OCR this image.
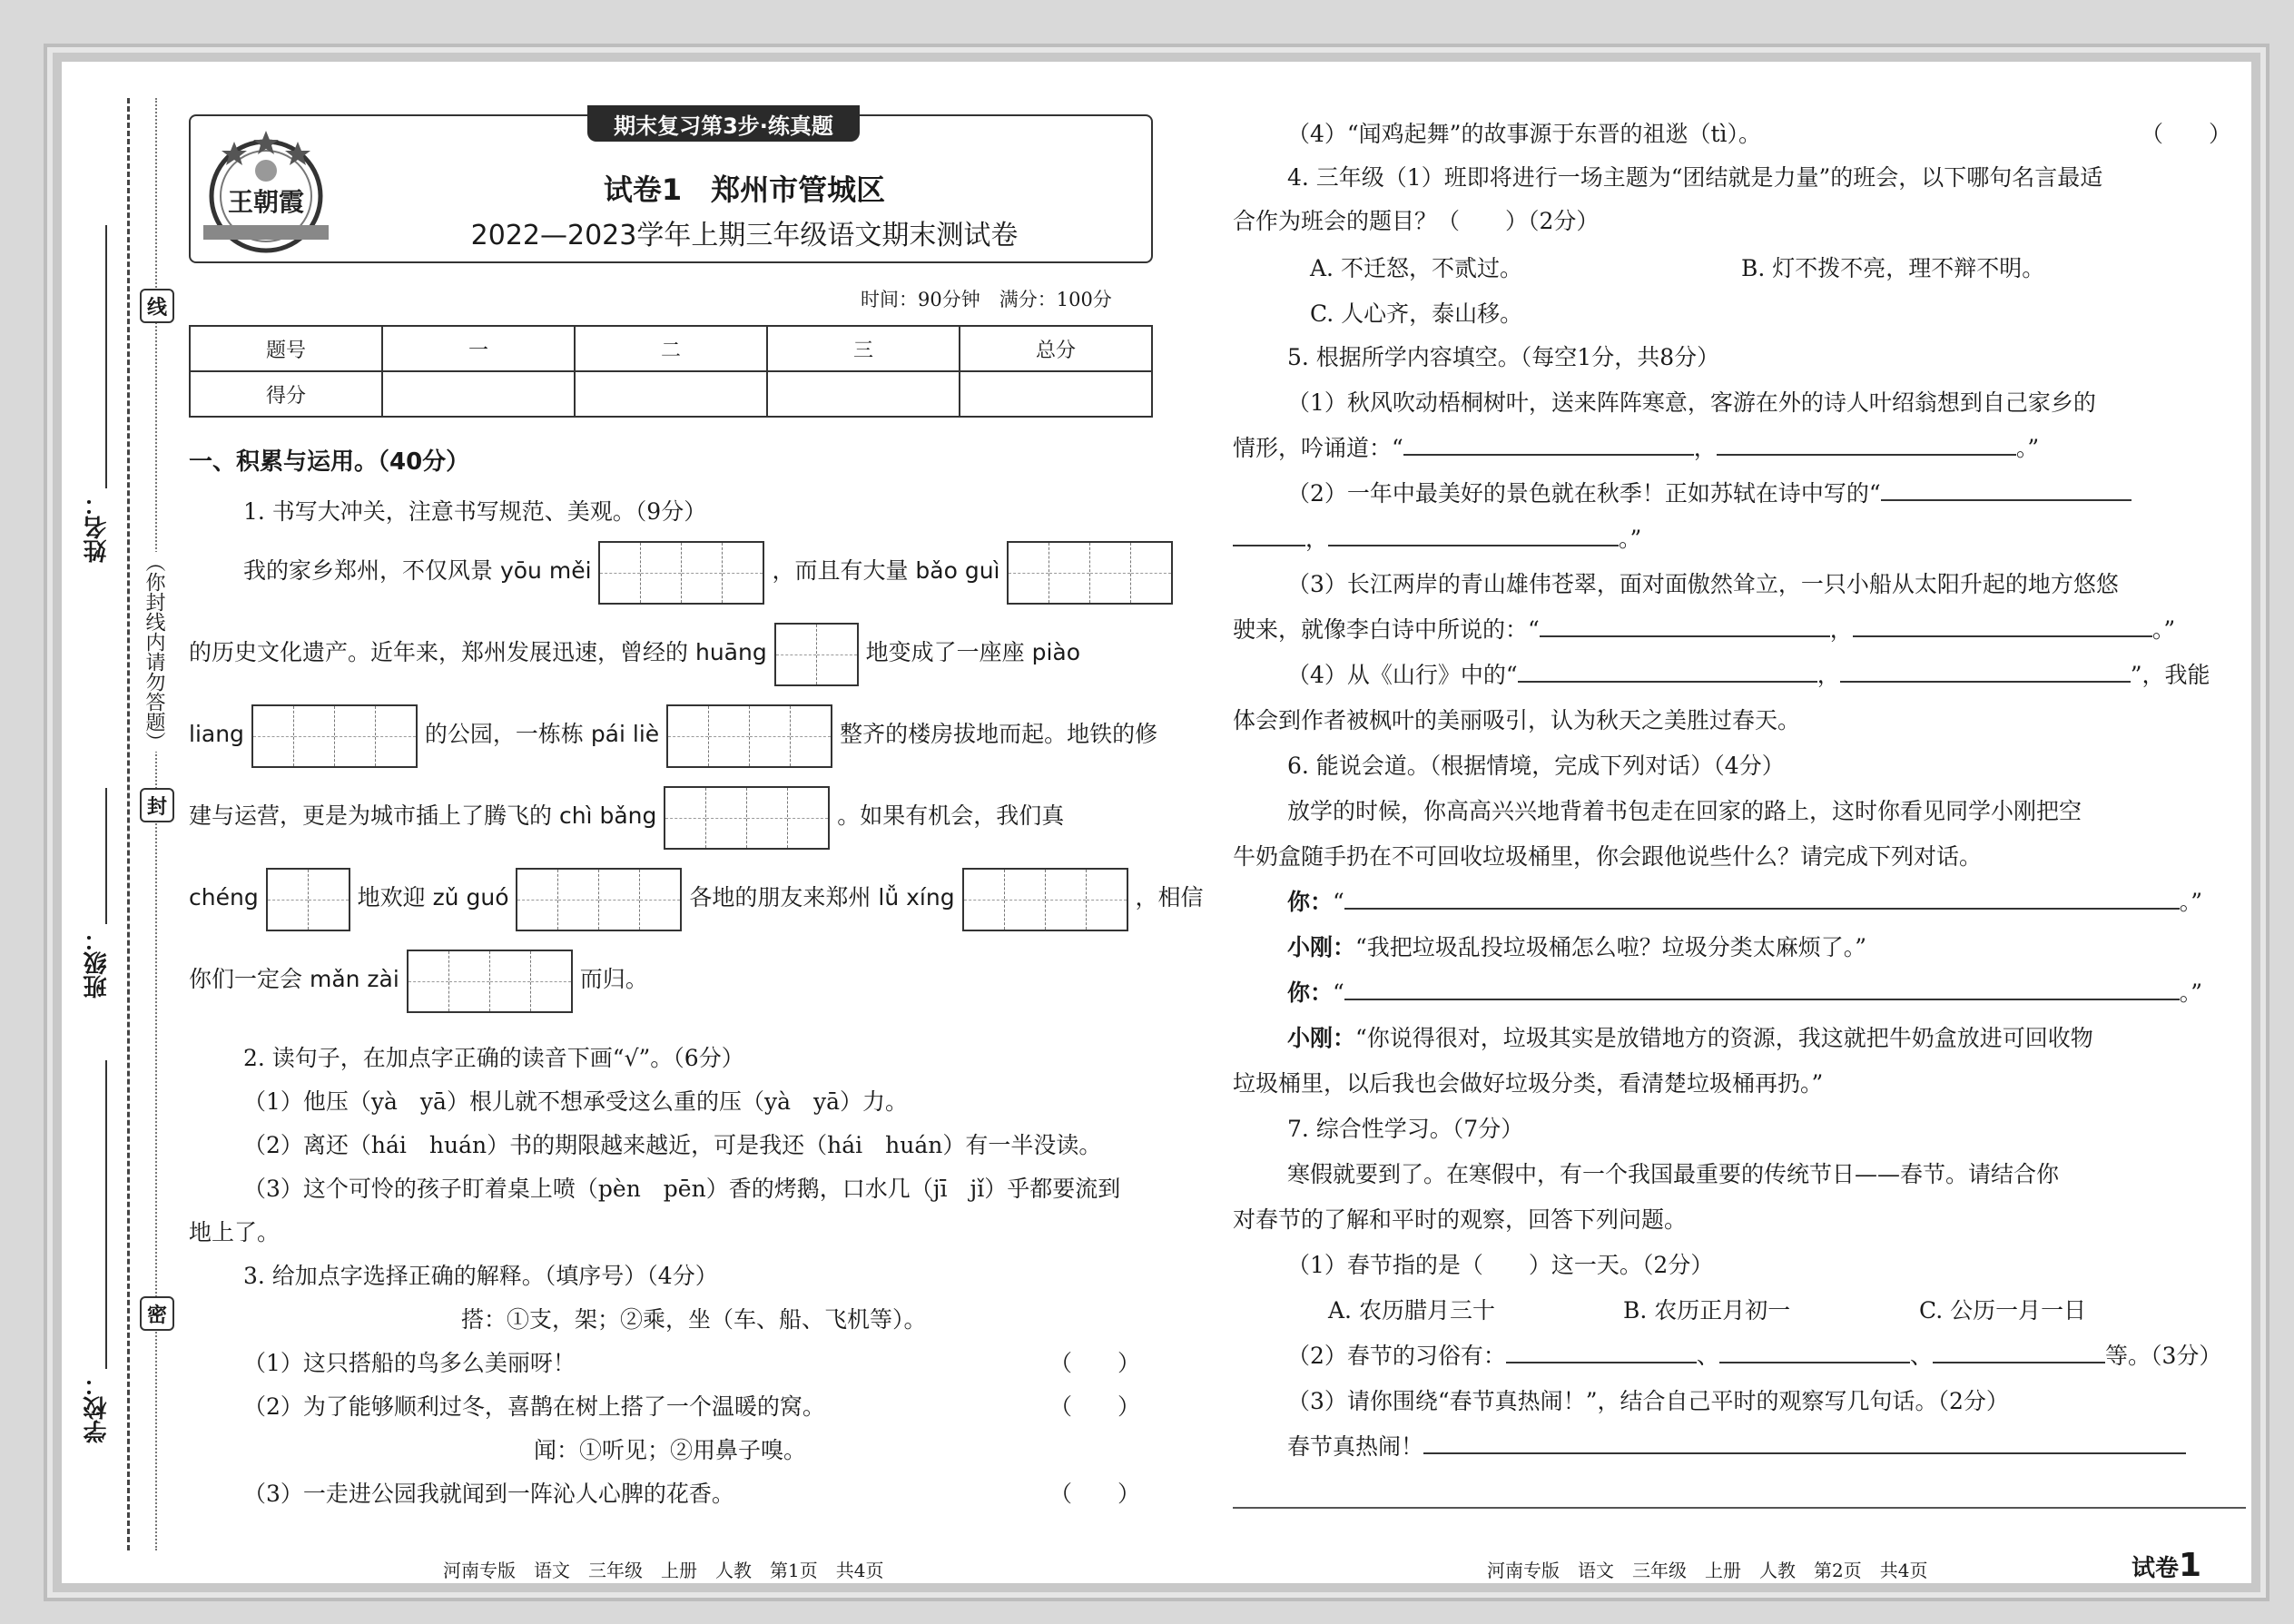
线
（你封线内请勿答题）
封
密
姓名：
班级：
学校：
期末复习第3步·练真题
王朝霞	试卷1　郑州市管城区
2022—2023学年上期三年级语文期末测试卷
时间：90分钟　满分：100分
题号	一	二	三	总分
得分				
一、积累与运用。（40分）
1. 书写大冲关，注意书写规范、美观。（9分）
我的家乡郑州，不仅风景 yōu měi	，而且有大量 bǎo guì
的历史文化遗产。近年来，郑州发展迅速，曾经的 huāng	地变成了一座座 piào
liang	的公园，一栋栋 pái liè	整齐的楼房拔地而起。地铁的修
建与运营，更是为城市插上了腾飞的 chì bǎng	。如果有机会，我们真
chéng	地欢迎 zǔ guó	各地的朋友来郑州 lǚ xíng	，相信
你们一定会 mǎn zài	而归。
2. 读句子，在加点字正确的读音下画“√”。（6分）
（1）他压（yà　yā）根儿就不想承受这么重的压（yà　yā）力。
（2）离还（hái　huán）书的期限越来越近，可是我还（hái　huán）有一半没读。
（3）这个可怜的孩子盯着桌上喷（pèn　pēn）香的烤鹅，口水几（jī　jǐ）乎都要流到
地上了。
3. 给加点字选择正确的解释。（填序号）（4分）
搭：①支，架；②乘，坐（车、船、飞机等）。
（1）这只搭船的鸟多么美丽呀！	（　　）
（2）为了能够顺利过冬，喜鹊在树上搭了一个温暖的窝。	（　　）
闻：①听见；②用鼻子嗅。
（3）一走进公园我就闻到一阵沁人心脾的花香。	（　　）
（4）“闻鸡起舞”的故事源于东晋的祖逖（tì）。	（　　）
4. 三年级（1）班即将进行一场主题为“团结就是力量”的班会，以下哪句名言最适
合作为班会的题目？（　　）（2分）
A. 不迁怒，不贰过。	B. 灯不拨不亮，理不辩不明。
C. 人心齐，泰山移。
5. 根据所学内容填空。（每空1分，共8分）
（1）秋风吹动梧桐树叶，送来阵阵寒意，客游在外的诗人叶绍翁想到自己家乡的
情形，吟诵道：“	，	。”
（2）一年中最美好的景色就在秋季！正如苏轼在诗中写的“
，	。”
（3）长江两岸的青山雄伟苍翠，面对面傲然耸立，一只小船从太阳升起的地方悠悠
驶来，就像李白诗中所说的：“	，	。”
（4）从《山行》中的“	，	”，我能
体会到作者被枫叶的美丽吸引，认为秋天之美胜过春天。
6. 能说会道。（根据情境，完成下列对话）（4分）
放学的时候，你高高兴兴地背着书包走在回家的路上，这时你看见同学小刚把空
牛奶盒随手扔在不可回收垃圾桶里，你会跟他说些什么？请完成下列对话。
你：“	。”
小刚：“我把垃圾乱投垃圾桶怎么啦？垃圾分类太麻烦了。”
你：“	。”
小刚：“你说得很对，垃圾其实是放错地方的资源，我这就把牛奶盒放进可回收物
垃圾桶里，以后我也会做好垃圾分类，看清楚垃圾桶再扔。”
7. 综合性学习。（7分）
寒假就要到了。在寒假中，有一个我国最重要的传统节日——春节。请结合你
对春节的了解和平时的观察，回答下列问题。
（1）春节指的是（　　）这一天。（2分）
A. 农历腊月三十	B. 农历正月初一	C. 公历一月一日
（2）春节的习俗有：	、	、	等。（3分）
（3）请你围绕“春节真热闹！”，结合自己平时的观察写几句话。（2分）
春节真热闹！
河南专版　语文　三年级　上册　人教　第1页　共4页	河南专版　语文　三年级　上册　人教　第2页　共4页	试卷1
